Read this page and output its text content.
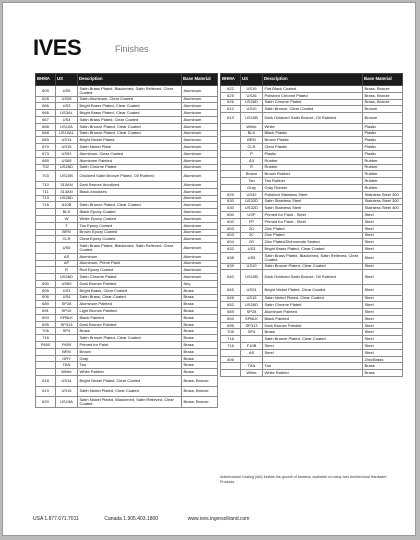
IVES	Finishes
BHMA	US	Description	Base Material
609	US5	Satin Brass Plated, Blackened, Satin Relieved, Clear Coated	Aluminum
628	US28	Satin Aluminum, Clear Coated	Aluminum
666	US3	Bright Brass Plated, Clear Coated	Aluminum
666	US3AL	Bright Brass Plated, Clear Coated	Aluminum
667	US4	Satin Brass Plated, Clear Coated	Aluminum
668	US10A	Satin Bronze Plated, Clear Coated	Aluminum
668	US10AL	Satin Bronze Plated, Clear Coated	Aluminum
669	US14	Bright Nickel Plated	Aluminum
670	US15	Satin Nickel Plate	Aluminum
673	US92	Aluminum, Clear Coated	Aluminum
689	US65	Aluminum Painted	Aluminum
702	US26D	Satin Chrome Plated	Aluminum
703	US10B	Oxidized Satin Bronze Plated, Oil Rubbed	Aluminum
710	313AN	Dark Bronze Anodized	Aluminum
711	313AN	Black Anodizes	Aluminum
713	US26D		Aluminum
716	A10B	Satin Bronze Plated, Clear Coated	Aluminum
	BLK	Black Epoxy Coated	Aluminum
	W	White Epoxy Coated	Aluminum
	T	Tan Epoxy Coated	Aluminum
	BRN	Brown Epoxy Coated	Aluminum
	CLR	Clear Epoxy Coated	Aluminum
	US5	Satin Brass Plated, Blackened, Satin Relieved, Clear Coated	Aluminum
	AS	Aluminum	Aluminum
	AP	Aluminum, Prime Paint	Aluminum
	R	Red Epoxy Coated	Aluminum
	US26D	Satin Chrome Plated	Aluminum
690	US69	Dark Bronze Painted	Any
605	US3	Bright Brass, Clear Coated	Brass
606	US4	Satin Brass, Clear Coated	Brass
689	SP28	Aluminum Painted	Brass
691	SP10	Light Bronze Painted	Brass
693	SPBLK	Black Painted	Brass
695	SP313	Dark Bronze Painted	Brass
706	SP4	Brass	Brass
716		Satin Bronze Plated, Clear Coated	Brass
P600	P600	Primed for Paint	Brass
	BRN	Brown	Brass
	GRY	Gray	Brass
	TAN	Tan	Brass
	White	White Rubber	Brass
618	US14	Bright Nickel Plated, Clear Coated	Brass, Bronze
619	US15	Satin Nickel Plated, Clear Coated	Brass, Bronze
620	US15A	Satin Nickel Plated, Blackened, Satin Relieved, Clear Coated	Brass, Bronze
BHMA	US	Description	Base Material
622	US19	Flat Black Coated	Brass, Bronze
625	US26	Polished Chrome Plated	Brass, Bronze
626	US26D	Satin Chrome Plated	Brass, Bronze
612	US10	Satin Bronze, Clear Coated	Bronze
613	US10B	Dark Oxidized Satin Bronze, Oil Rubbed	Bronze
	White	White	Plastic
	BLK	Black Plastic	Plastic
	BRN	Brown Plastic	Plastic
	CLR	Clear Plastic	Plastic
	P	Plastic	Plastic
	A3	Rubber	Rubber
	R	Rubber	Rubber
	Brown	Brown Rubber	Rubber
	Tan	Tan Rubber	Rubber
	Gray	Gray Rubber	Rubber
629	US32	Polished Stainless Steel	Stainless Steel 300
630	US32D	Satin Stainless Steel	Stainless Steel 300
630	US32D	Satin Stainless Steel	Stainless Steel 400
600	USP	Primed for Paint - Steel	Steel
600	FP	Primed for Paint - Steel	Steel
603	2G	Zinc Plated	Steel
603	2C	Zinc Plated	Steel
604	2G	Zinc Plated/Dichromate Sealed	Steel
632	US3	Bright Brass Plated, Clear Coated	Steel
638	US5	Satin Brass Plated, Blackened, Satin Relieved, Clear Coated	Steel
639	US10	Satin Bronze Plated, Clear Coated	Steel
640	US10B	Dark Oxidized Satin Bronze, Oil Rubbed	Steel
645	US24	Bright Nickel Plated, Clear Coated	Steel
646	US15	Satin Nickel Plated, Clear Coated	Steel
652	US26D	Satin Chrome Plated	Steel
689	SP28	Aluminum Painted	Steel
693	SPBLK	Black Painted	Steel
695	SP313	Dark Bronze Painted	Steel
706	SP4	Brass	Steel
716		Satin Bronze Plated, Clear Coated	Steel
716	F10B	Steel	Steel
	AS	Steel	Steel
406			Zinc/Brass
	TAN	Tan	Brass
	White	White Rubber	Brass
Antimicrobial Coating (AM) inhibits the growth of bacteria, available on many Ives Architectural Hardware Products.
USA 1.877.671.7011	Canada 1.905.403.1800	www.ives.ingersollrand.com
